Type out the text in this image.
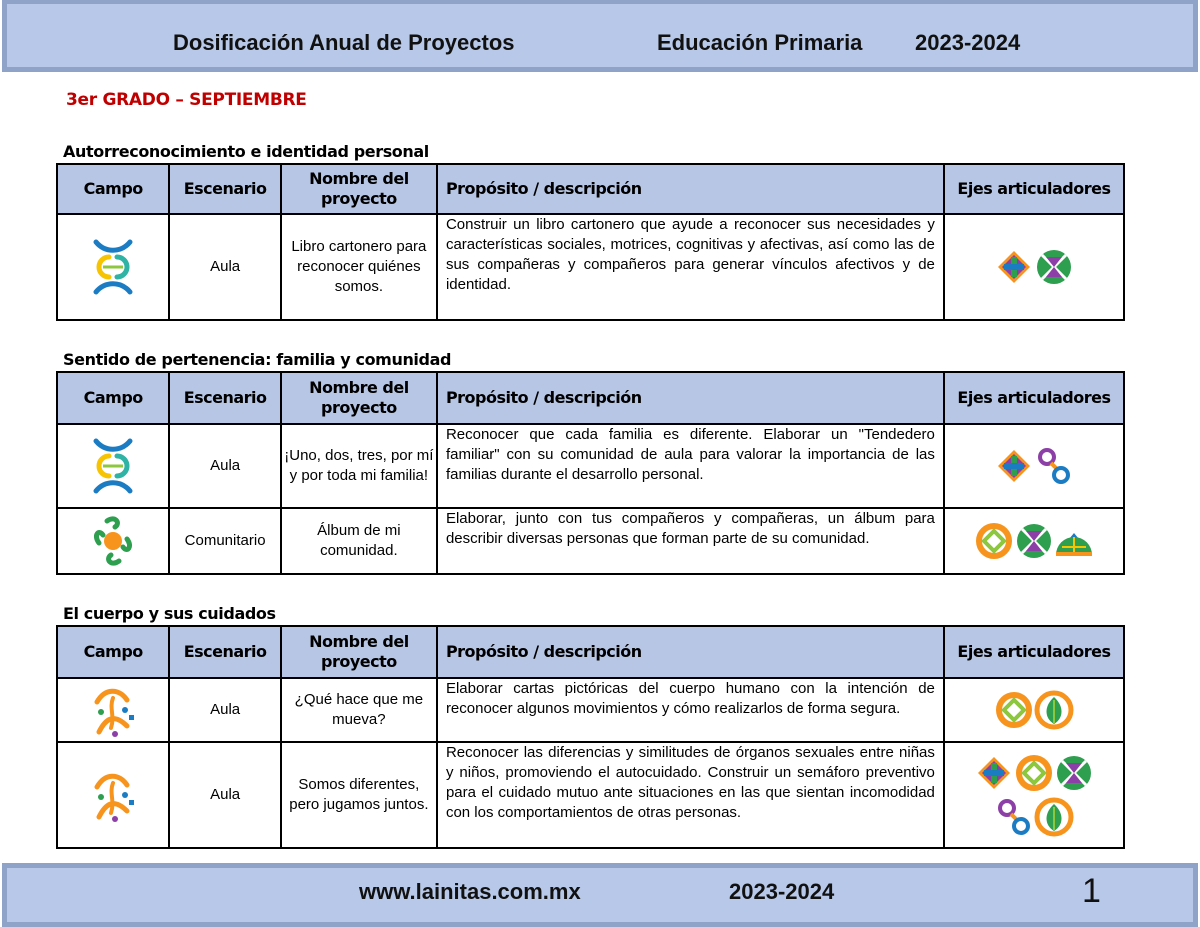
Dosificación Anual de Proyectos	Educación Primaria 2023-2024
3er GRADO – SEPTIEMBRE
Autorreconocimiento e identidad personal
Campo	Escenario	Nombre del proyecto	Propósito / descripción	Ejes articuladores
	Aula	Libro cartonero para reconocer quiénes somos.	Construir un libro cartonero que ayude a reconocer sus necesidades y características sociales, motrices, cognitivas y afectivas, así como las de sus compañeras y compañeros para generar vínculos afectivos y de identidad.	
Sentido de pertenencia: familia y comunidad
Campo	Escenario	Nombre del proyecto	Propósito / descripción	Ejes articuladores
	Aula	¡Uno, dos, tres, por mí y por toda mi familia!	Reconocer que cada familia es diferente. Elaborar un "Tendedero familiar" con su comunidad de aula para valorar la importancia de las familias durante el desarrollo personal.	
	Comunitario	Álbum de mi comunidad.	Elaborar, junto con tus compañeros y compañeras, un álbum para describir diversas personas que forman parte de su comunidad.	
El cuerpo y sus cuidados
Campo	Escenario	Nombre del proyecto	Propósito / descripción	Ejes articuladores
	Aula	¿Qué hace que me mueva?	Elaborar cartas pictóricas del cuerpo humano con la intención de reconocer algunos movimientos y cómo realizarlos de forma segura.	
	Aula	Somos diferentes, pero jugamos juntos.	Reconocer las diferencias y similitudes de órganos sexuales entre niñas y niños, promoviendo el autocuidado. Construir un semáforo preventivo para el cuidado mutuo ante situaciones en las que sientan incomodidad con los comportamientos de otras personas.	
www.lainitas.com.mx	2023-2024	1
